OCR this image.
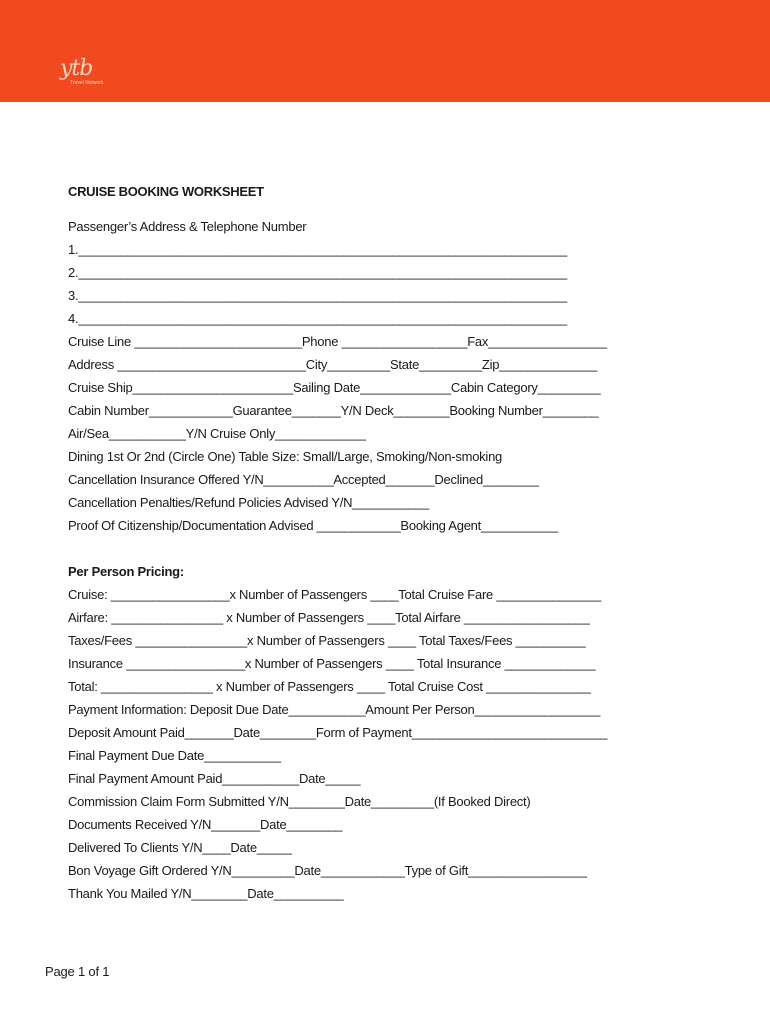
ytb
Travel Network
CRUISE BOOKING WORKSHEET
Passenger’s Address & Telephone Number
1.______________________________________________________________________
2.______________________________________________________________________
3.______________________________________________________________________
4.______________________________________________________________________
Cruise Line ________________________Phone __________________Fax_________________
Address ___________________________City_________State_________Zip______________
Cruise Ship_______________________Sailing Date_____________Cabin Category_________
Cabin Number____________Guarantee_______Y/N Deck________Booking Number________
Air/Sea___________Y/N Cruise Only_____________
Dining 1st Or 2nd (Circle One) Table Size: Small/Large, Smoking/Non-smoking
Cancellation Insurance Offered Y/N__________Accepted_______Declined________
Cancellation Penalties/Refund Policies Advised Y/N___________
Proof Of Citizenship/Documentation Advised ____________Booking Agent___________
Per Person Pricing:
Cruise: _________________x Number of Passengers ____Total Cruise Fare _______________
Airfare: ________________ x Number of Passengers ____Total Airfare __________________
Taxes/Fees ________________x Number of Passengers ____ Total Taxes/Fees __________
Insurance _________________x Number of Passengers ____ Total Insurance _____________
Total: ________________ x Number of Passengers ____ Total Cruise Cost _______________
Payment Information: Deposit Due Date___________Amount Per Person__________________
Deposit Amount Paid_______Date________Form of Payment____________________________
Final Payment Due Date___________
Final Payment Amount Paid___________Date_____
Commission Claim Form Submitted Y/N________Date_________(If Booked Direct)
Documents Received Y/N_______Date________
Delivered To Clients Y/N____Date_____
Bon Voyage Gift Ordered Y/N_________Date____________Type of Gift_________________
Thank You Mailed Y/N________Date__________
Page 1 of 1
